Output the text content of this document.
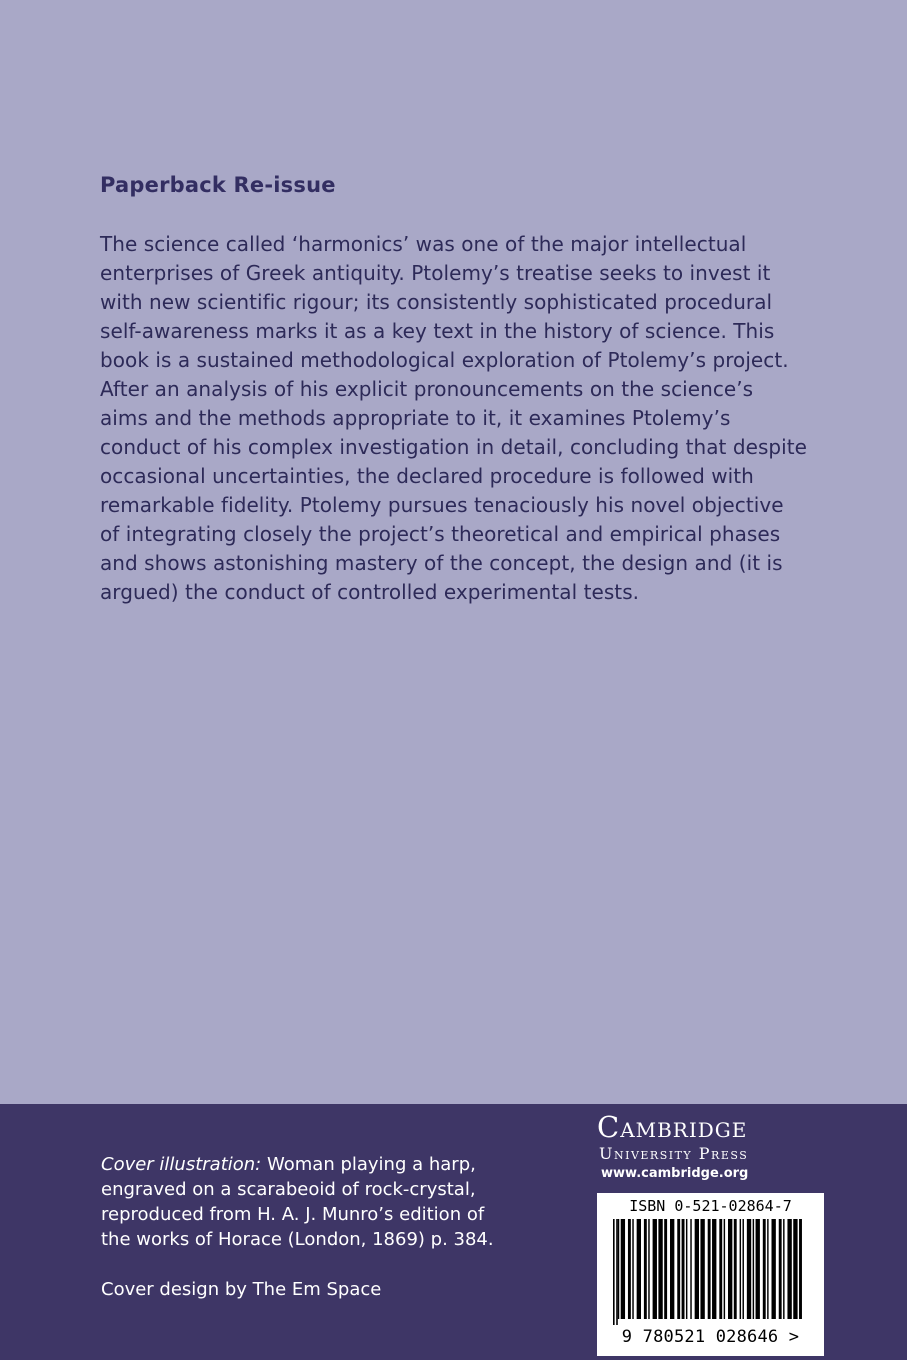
Paperback Re-issue

The science called ‘harmonics’ was one of the major intellectual
enterprises of Greek antiquity. Ptolemy’s treatise seeks to invest it
with new scientific rigour; its consistently sophisticated procedural
self-awareness marks it as a key text in the history of science. This
book is a sustained methodological exploration of Ptolemy’s project.
After an analysis of his explicit pronouncements on the science’s
aims and the methods appropriate to it, it examines Ptolemy’s
conduct of his complex investigation in detail, concluding that despite
occasional uncertainties, the declared procedure is followed with
remarkable fidelity. Ptolemy pursues tenaciously his novel objective
of integrating closely the project’s theoretical and empirical phases
and shows astonishing mastery of the concept, the design and (it is
argued) the conduct of controlled experimental tests.

Cover illustration: Woman playing a harp,
engraved on a scarabeoid of rock-crystal,
reproduced from H. A. J. Munro’s edition of
the works of Horace (London, 1869) p. 384.

Cover design by The Em Space
Cambridge
University Press
www.cambridge.org
ISBN 0-521-02864-7
9 780521 028646 >
